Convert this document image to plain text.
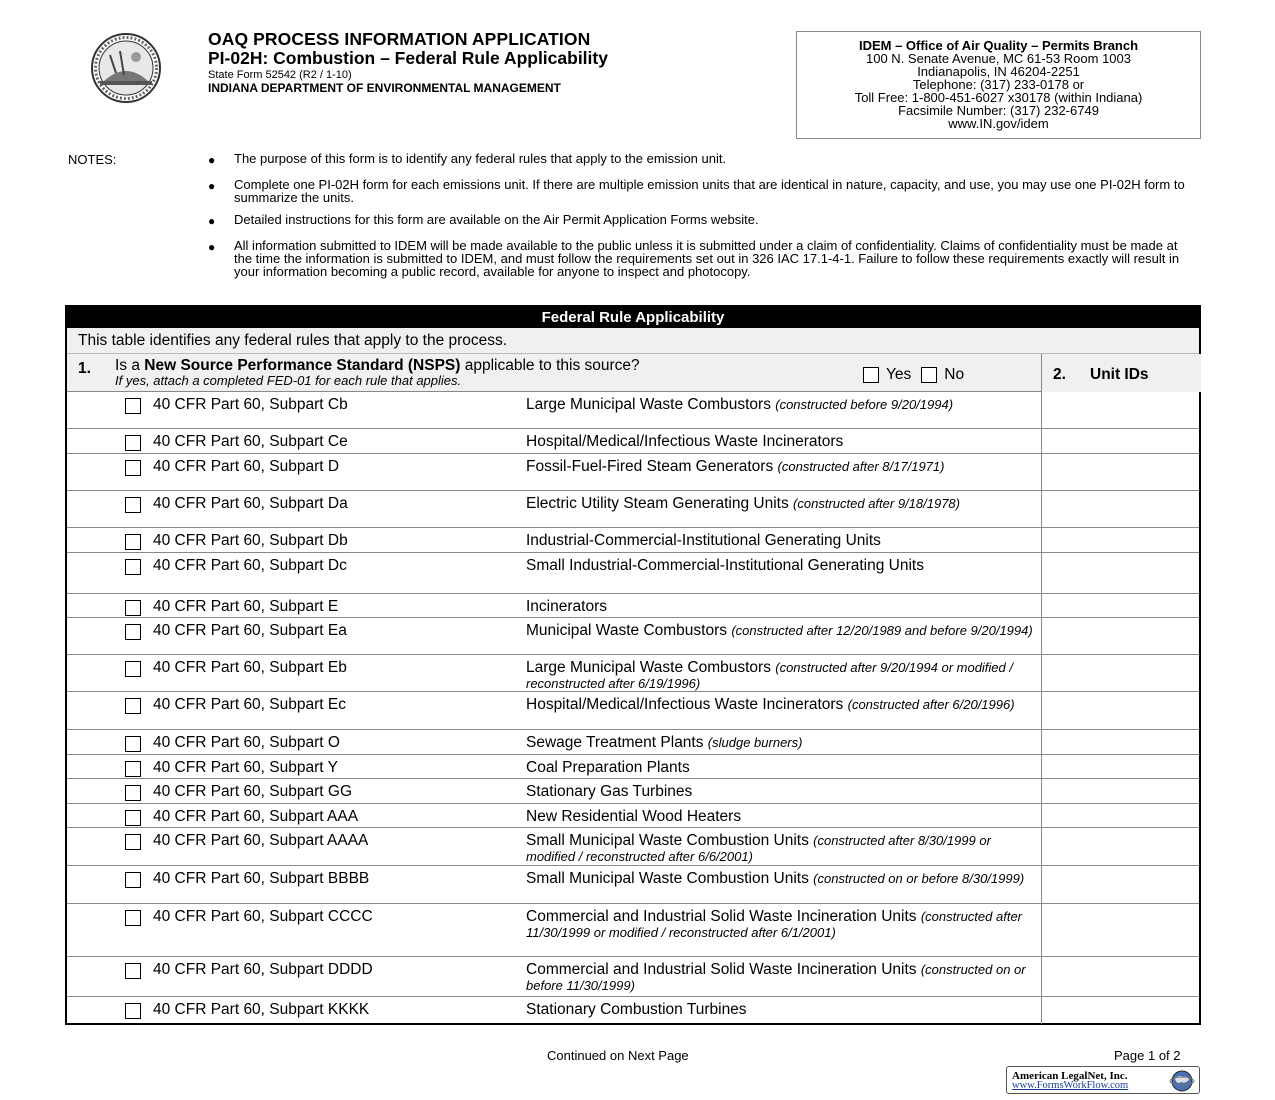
OAQ PROCESS INFORMATION APPLICATION
PI-02H: Combustion – Federal Rule Applicability
State Form 52542 (R2 / 1-10)
INDIANA DEPARTMENT OF ENVIRONMENTAL MANAGEMENT
IDEM – Office of Air Quality – Permits Branch
100 N. Senate Avenue, MC 61-53 Room 1003
Indianapolis, IN 46204-2251
Telephone: (317) 233-0178 or
Toll Free: 1-800-451-6027 x30178 (within Indiana)
Facsimile Number: (317) 232-6749
www.IN.gov/idem
NOTES:	●	The purpose of this form is to identify any federal rules that apply to the emission unit.
●	Complete one PI-02H form for each emissions unit. If there are multiple emission units that are identical in nature, capacity, and use, you may use one PI-02H form to summarize the units.
●	Detailed instructions for this form are available on the Air Permit Application Forms website.
●	All information submitted to IDEM will be made available to the public unless it is submitted under a claim of confidentiality. Claims of confidentiality must be made at the time the information is submitted to IDEM, and must follow the requirements set out in 326 IAC 17.1-4-1. Failure to follow these requirements exactly will result in your information becoming a public record, available for anyone to inspect and photocopy.
Federal Rule Applicability
This table identifies any federal rules that apply to the process.
1. Is a New Source Performance Standard (NSPS) applicable to this source?
If yes, attach a completed FED-01 for each rule that applies.	Yes No	2. Unit IDs
40 CFR Part 60, Subpart Cb	Large Municipal Waste Combustors (constructed before 9/20/1994)
40 CFR Part 60, Subpart Ce	Hospital/Medical/Infectious Waste Incinerators
40 CFR Part 60, Subpart D	Fossil-Fuel-Fired Steam Generators (constructed after 8/17/1971)
40 CFR Part 60, Subpart Da	Electric Utility Steam Generating Units (constructed after 9/18/1978)
40 CFR Part 60, Subpart Db	Industrial-Commercial-Institutional Generating Units
40 CFR Part 60, Subpart Dc	Small Industrial-Commercial-Institutional Generating Units
40 CFR Part 60, Subpart E	Incinerators
40 CFR Part 60, Subpart Ea	Municipal Waste Combustors (constructed after 12/20/1989 and before 9/20/1994)
40 CFR Part 60, Subpart Eb	Large Municipal Waste Combustors (constructed after 9/20/1994 or modified / reconstructed after 6/19/1996)
40 CFR Part 60, Subpart Ec	Hospital/Medical/Infectious Waste Incinerators (constructed after 6/20/1996)
40 CFR Part 60, Subpart O	Sewage Treatment Plants (sludge burners)
40 CFR Part 60, Subpart Y	Coal Preparation Plants
40 CFR Part 60, Subpart GG	Stationary Gas Turbines
40 CFR Part 60, Subpart AAA	New Residential Wood Heaters
40 CFR Part 60, Subpart AAAA	Small Municipal Waste Combustion Units (constructed after 8/30/1999 or modified / reconstructed after 6/6/2001)
40 CFR Part 60, Subpart BBBB	Small Municipal Waste Combustion Units (constructed on or before 8/30/1999)
40 CFR Part 60, Subpart CCCC	Commercial and Industrial Solid Waste Incineration Units (constructed after 11/30/1999 or modified / reconstructed after 6/1/2001)
40 CFR Part 60, Subpart DDDD	Commercial and Industrial Solid Waste Incineration Units (constructed on or before 11/30/1999)
40 CFR Part 60, Subpart KKKK	Stationary Combustion Turbines
Continued on Next Page	Page 1 of 2
American LegalNet, Inc.
www.FormsWorkFlow.com
